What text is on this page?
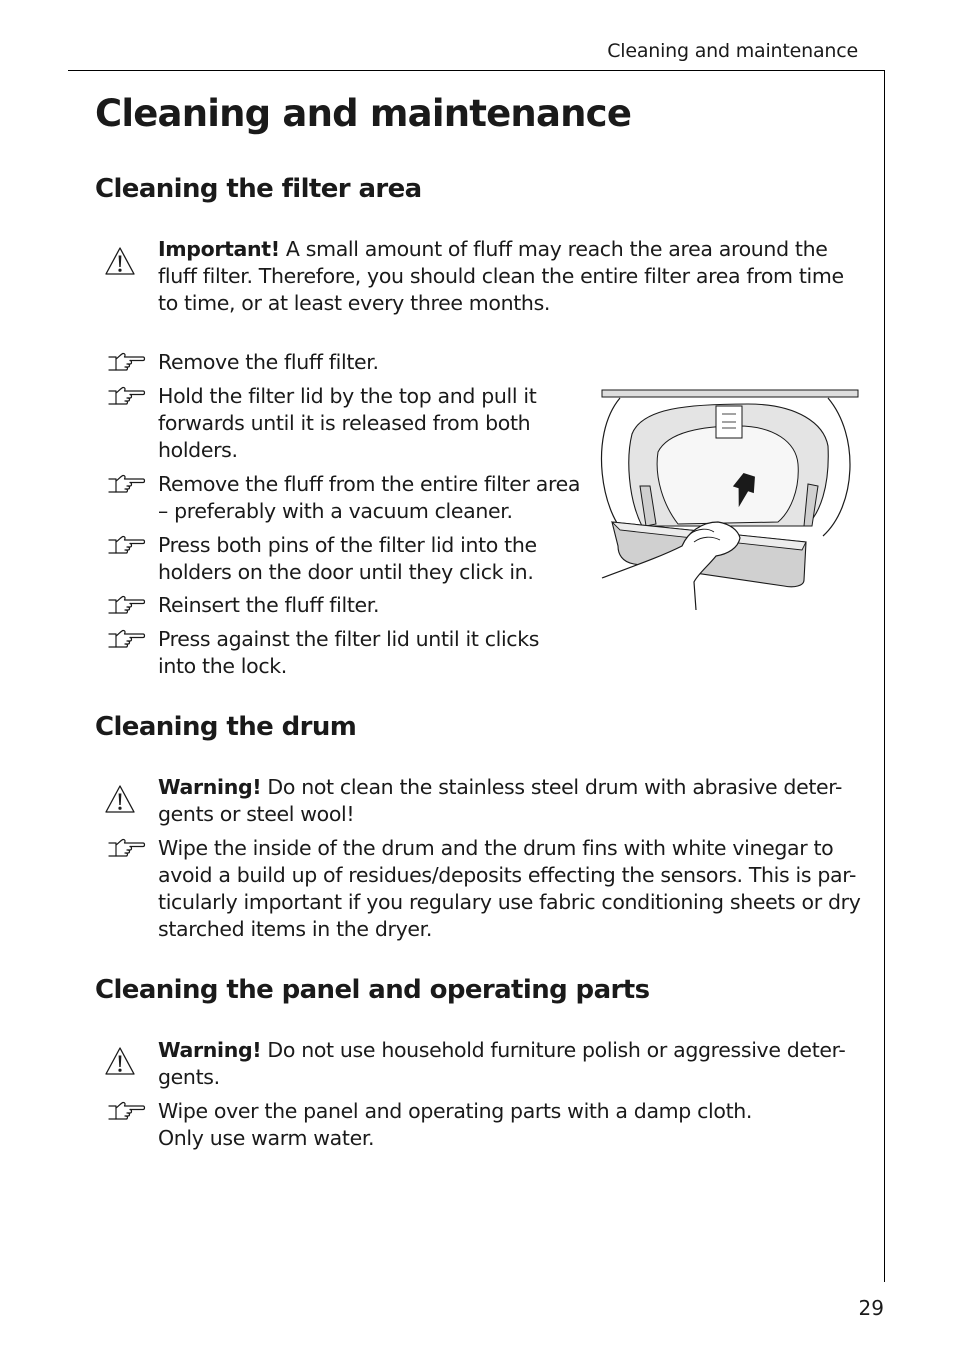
Cleaning and maintenance
Cleaning and maintenance
Cleaning the filter area
Important! A small amount of fluff may reach the area around the
fluff filter. Therefore, you should clean the entire filter area from time
to time, or at least every three months.
Remove the fluff filter.
Hold the filter lid by the top and pull it
forwards until it is released from both
holders.
Remove the fluff from the entire filter area
– preferably with a vacuum cleaner.
Press both pins of the filter lid into the
holders on the door until they click in.
Reinsert the fluff filter.
Press against the filter lid until it clicks
into the lock.
Cleaning the drum
Warning! Do not clean the stainless steel drum with abrasive deter-
gents or steel wool!
Wipe the inside of the drum and the drum fins with white vinegar to
avoid a build up of residues/deposits effecting the sensors. This is par-
ticularly important if you regulary use fabric conditioning sheets or dry
starched items in the dryer.
Cleaning the panel and operating parts
Warning! Do not use household furniture polish or aggressive deter-
gents.
Wipe over the panel and operating parts with a damp cloth.
Only use warm water.
29
